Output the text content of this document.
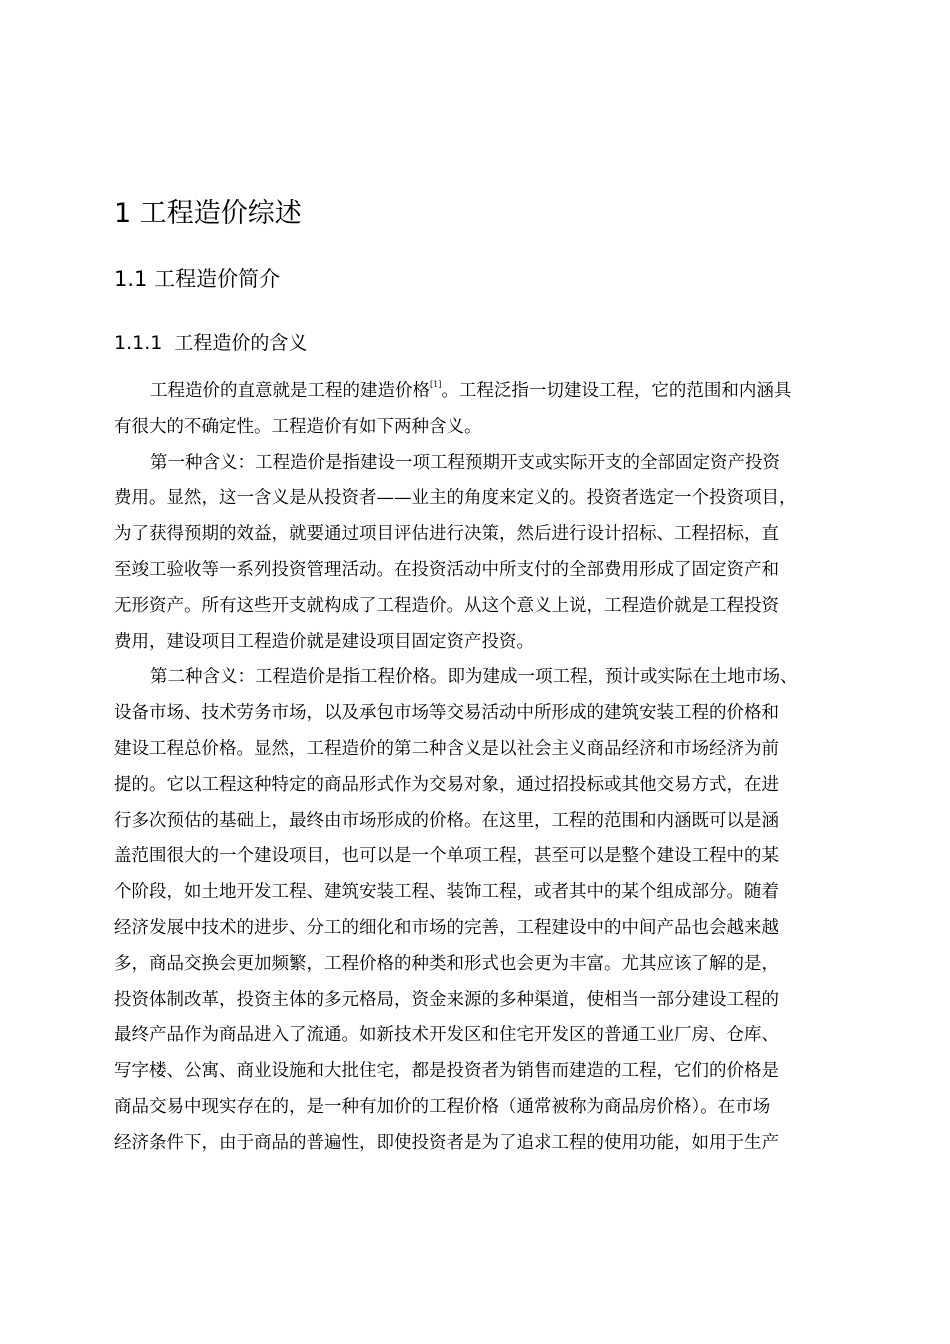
1 工程造价综述
1.1 工程造价简介
1.1.1 工程造价的含义
工程造价的直意就是工程的建造价格[1]。工程泛指一切建设工程，它的范围和内涵具
有很大的不确定性。工程造价有如下两种含义。
第一种含义：工程造价是指建设一项工程预期开支或实际开支的全部固定资产投资
费用。显然，这一含义是从投资者——业主的角度来定义的。投资者选定一个投资项目，
为了获得预期的效益，就要通过项目评估进行决策，然后进行设计招标、工程招标，直
至竣工验收等一系列投资管理活动。在投资活动中所支付的全部费用形成了固定资产和
无形资产。所有这些开支就构成了工程造价。从这个意义上说，工程造价就是工程投资
费用，建设项目工程造价就是建设项目固定资产投资。
第二种含义：工程造价是指工程价格。即为建成一项工程，预计或实际在土地市场、
设备市场、技术劳务市场，以及承包市场等交易活动中所形成的建筑安装工程的价格和
建设工程总价格。显然，工程造价的第二种含义是以社会主义商品经济和市场经济为前
提的。它以工程这种特定的商品形式作为交易对象，通过招投标或其他交易方式，在进
行多次预估的基础上，最终由市场形成的价格。在这里，工程的范围和内涵既可以是涵
盖范围很大的一个建设项目，也可以是一个单项工程，甚至可以是整个建设工程中的某
个阶段，如土地开发工程、建筑安装工程、装饰工程，或者其中的某个组成部分。随着
经济发展中技术的进步、分工的细化和市场的完善，工程建设中的中间产品也会越来越
多，商品交换会更加频繁，工程价格的种类和形式也会更为丰富。尤其应该了解的是，
投资体制改革，投资主体的多元格局，资金来源的多种渠道，使相当一部分建设工程的
最终产品作为商品进入了流通。如新技术开发区和住宅开发区的普通工业厂房、仓库、
写字楼、公寓、商业设施和大批住宅，都是投资者为销售而建造的工程，它们的价格是
商品交易中现实存在的，是一种有加价的工程价格（通常被称为商品房价格）。在市场
经济条件下，由于商品的普遍性，即使投资者是为了追求工程的使用功能，如用于生产
